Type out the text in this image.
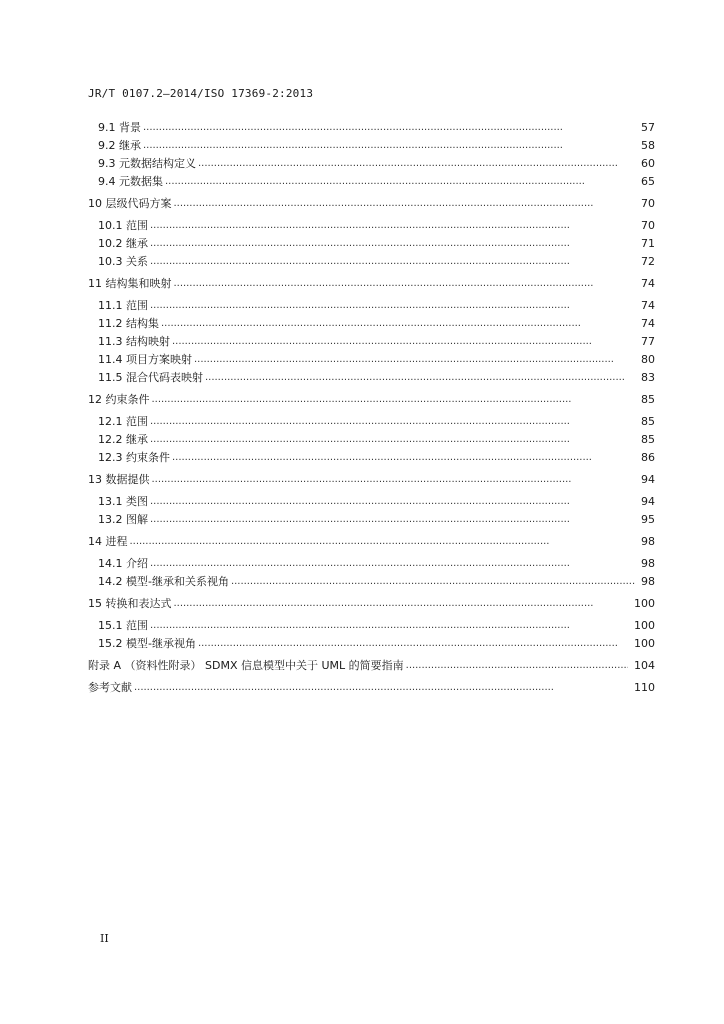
JR/T 0107.2—2014/ISO 17369-2:2013
9.1 背景 . . .	57
9.2 继承 . . .	58
9.3 元数据结构定义 . . .	60
9.4 元数据集 . . .	65
10 层级代码方案 . . .	70
10.1 范围 . . .	70
10.2 继承 . . .	71
10.3 关系 . . .	72
11 结构集和映射 . . .	74
11.1 范围 . . .	74
11.2 结构集 . . .	74
11.3 结构映射 . . .	77
11.4 项目方案映射 . . .	80
11.5 混合代码表映射 . . .	83
12 约束条件 . . .	85
12.1 范围 . . .	85
12.2 继承 . . .	85
12.3 约束条件 . . .	86
13 数据提供 . . .	94
13.1 类图 . . .	94
13.2 图解 . . .	95
14 进程 . . .	98
14.1 介绍 . . .	98
14.2 模型-继承和关系视角 . . .	98
15 转换和表达式 . . .	100
15.1 范围 . . .	100
15.2 模型-继承视角 . . .	100
附录 A （资料性附录） SDMX 信息模型中关于 UML 的简要指南 . . .	104
参考文献 . . .	110
II
